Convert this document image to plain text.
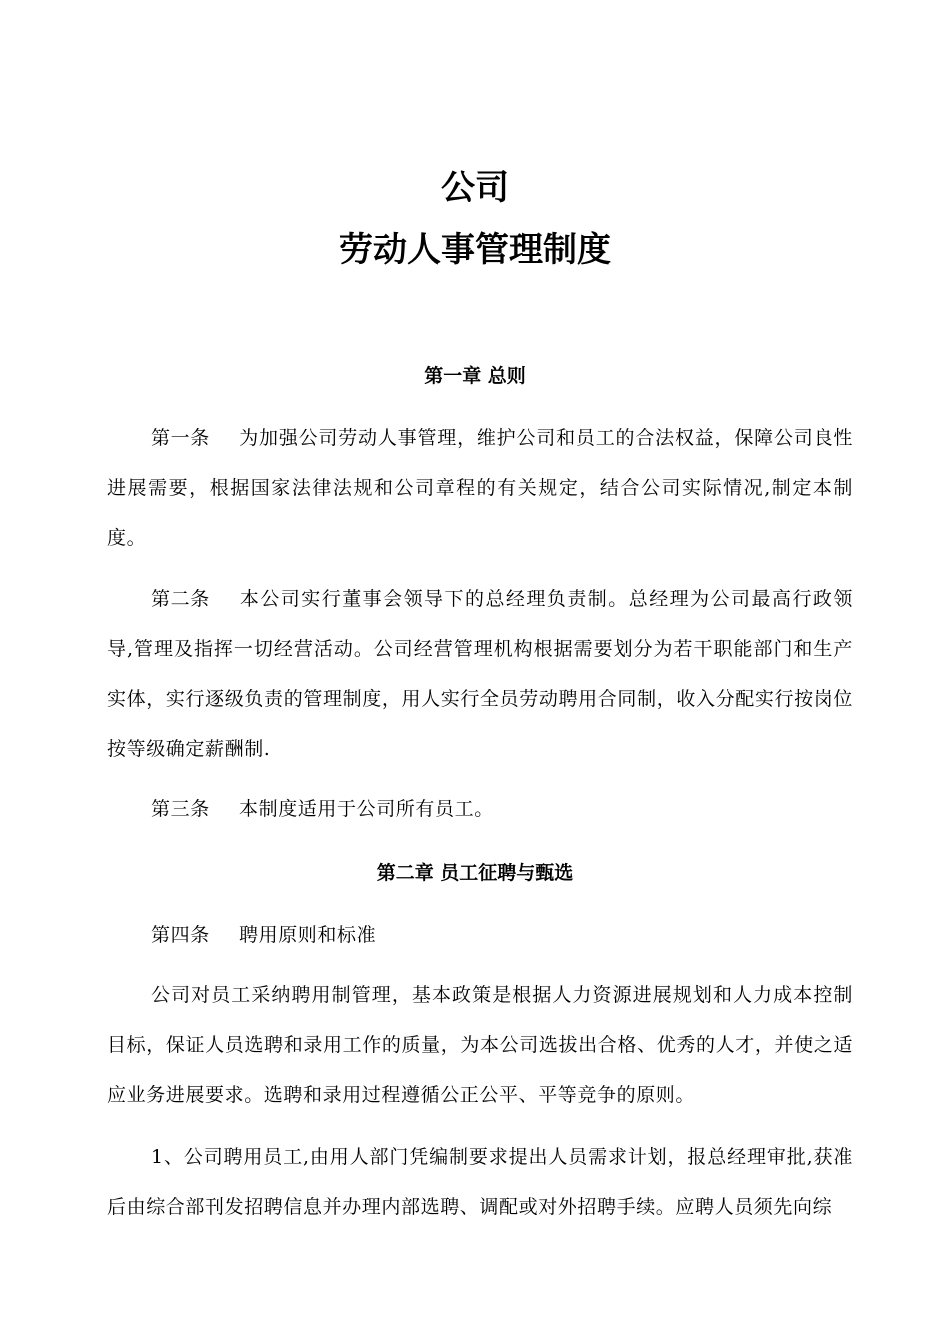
公司
劳动人事管理制度
第一章 总则
第一条 为加强公司劳动人事管理，维护公司和员工的合法权益，保障公司良性进展需要，根据国家法律法规和公司章程的有关规定，结合公司实际情况,制定本制度。
第二条 本公司实行董事会领导下的总经理负责制。总经理为公司最高行政领导,管理及指挥一切经营活动。公司经营管理机构根据需要划分为若干职能部门和生产实体，实行逐级负责的管理制度，用人实行全员劳动聘用合同制，收入分配实行按岗位按等级确定薪酬制.
第三条 本制度适用于公司所有员工。
第二章 员工征聘与甄选
第四条 聘用原则和标准
公司对员工采纳聘用制管理，基本政策是根据人力资源进展规划和人力成本控制目标，保证人员选聘和录用工作的质量，为本公司选拔出合格、优秀的人才，并使之适应业务进展要求。选聘和录用过程遵循公正公平、平等竞争的原则。
1、公司聘用员工,由用人部门凭编制要求提出人员需求计划，报总经理审批,获准后由综合部刊发招聘信息并办理内部选聘、调配或对外招聘手续。应聘人员须先向综
